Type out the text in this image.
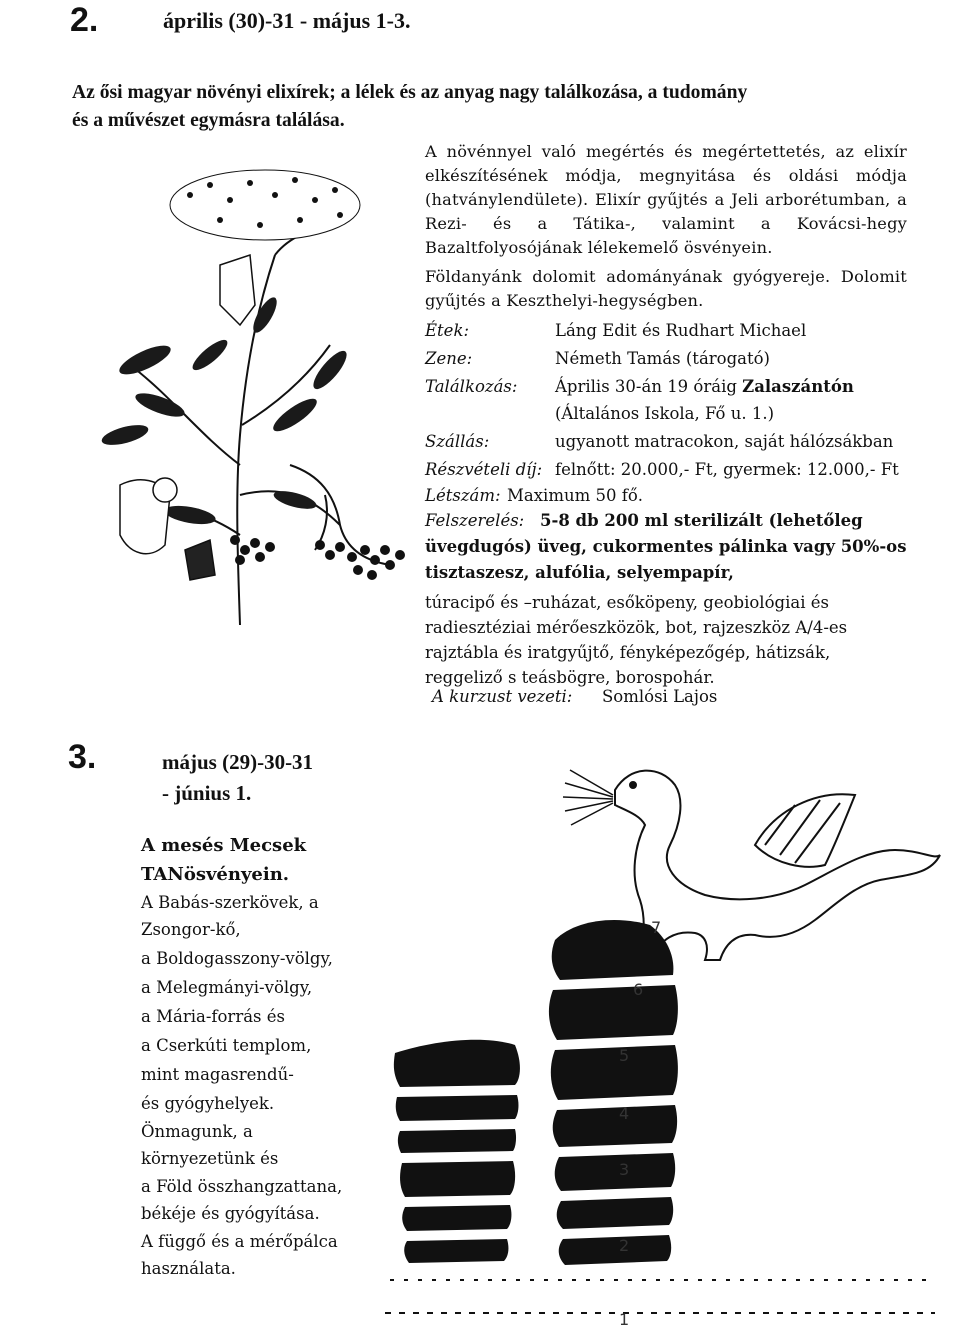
2.	április (30)-31 - május 1-3.
Az ősi magyar növényi elixírek; a lélek és az anyag nagy találkozása, a tudomány
és a művészet egymásra találása.
A növénnyel való megértés és megértettetés, az elixír
elkészítésének módja, megnyitása és oldási módja
(hatványlendülete). Elixír gyűjtés a Jeli arborétumban, a
Rezi- és a Tátika-, valamint a Kovácsi-hegy
Bazaltfolyosójának lélekemelő ösvényein.
Földanyánk dolomit adományának gyógyereje. Dolomit
gyűjtés a Keszthelyi-hegységben.
Étek:	Láng Edit és Rudhart Michael
Zene:	Németh Tamás (tárogató)
Találkozás: Április 30-án 19 óráig Zalaszántón
(Általános Iskola, Fő u. 1.)
Szállás:	ugyanott matracokon, saját hálózsákban
Részvételi díj: felnőtt: 20.000,- Ft, gyermek: 12.000,- Ft
Létszám: Maximum 50 fő.
Felszerelés: 5-8 db 200 ml sterilizált (lehetőleg
üvegdugós) üveg, cukormentes pálinka vagy 50%-os
tisztaszesz, alufólia, selyempapír,
túracipő és –ruházat, esőköpeny, geobiológiai és
radiesztéziai mérőeszközök, bot, rajzeszköz A/4-es
rajztábla és iratgyűjtő, fényképezőgép, hátizsák,
reggeliző s teásbögre, borospohár.
A kurzust vezeti: Somlósi Lajos
3.	május (29)-30-31
- június 1.
A mesés Mecsek
TANösvényein.
A Babás-szerkövek, a
Zsongor-kő,
a Boldogasszony-völgy,
a Melegmányi-völgy,
a Mária-forrás és
a Cserkúti templom,
mint magasrendű-
és gyógyhelyek.
Önmagunk, a
környezetünk és
a Föld összhangzattana,
békéje és gyógyítása.
A függő és a mérőpálca
használata.
7
6
5
4
3
2
1
